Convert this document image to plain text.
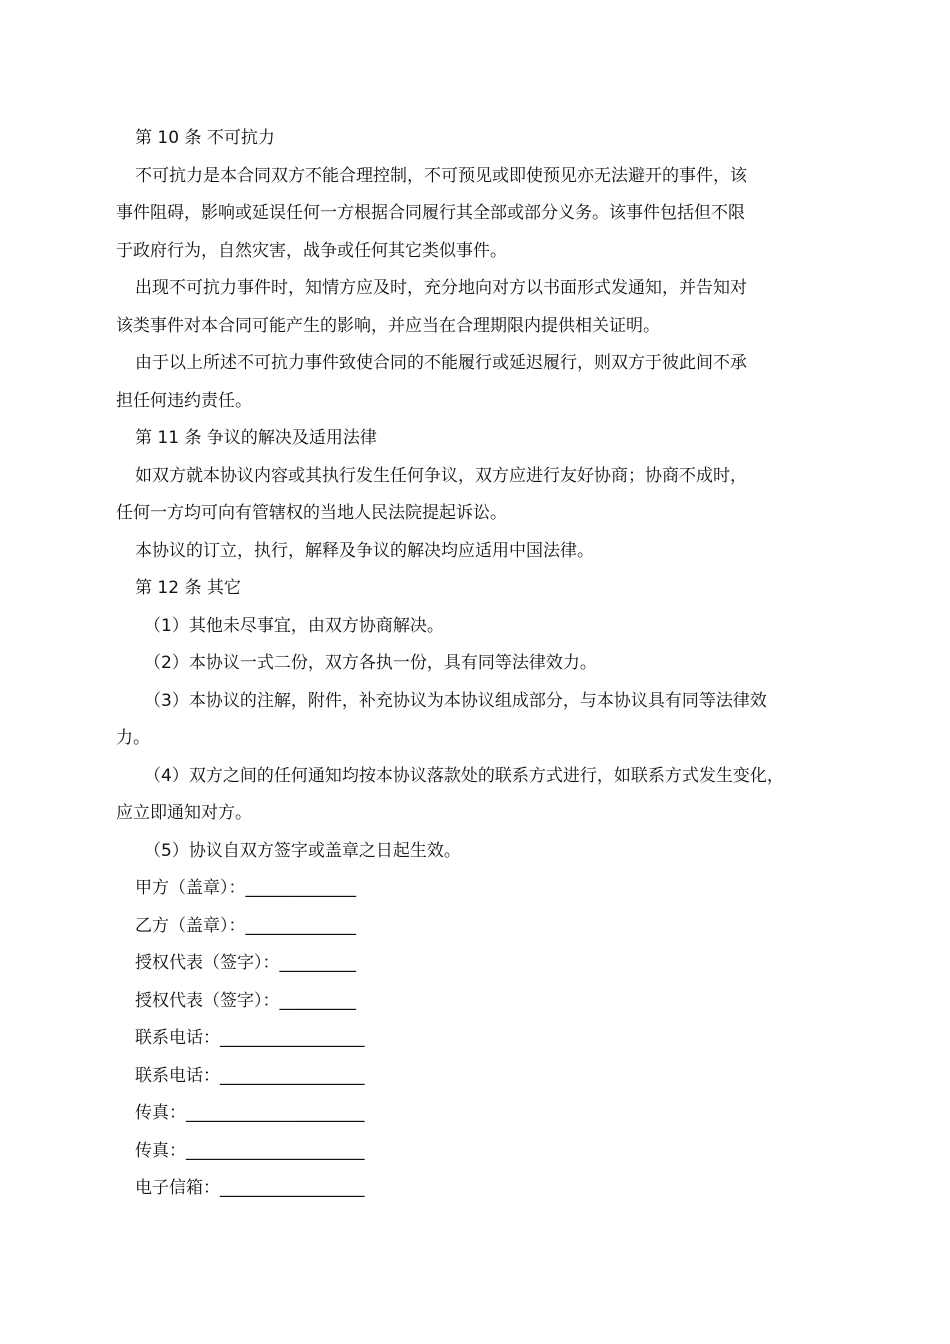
第 10 条 不可抗力
不可抗力是本合同双方不能合理控制，不可预见或即使预见亦无法避开的事件，该
事件阻碍，影响或延误任何一方根据合同履行其全部或部分义务。该事件包括但不限
于政府行为，自然灾害，战争或任何其它类似事件。
出现不可抗力事件时，知情方应及时，充分地向对方以书面形式发通知，并告知对
该类事件对本合同可能产生的影响，并应当在合理期限内提供相关证明。
由于以上所述不可抗力事件致使合同的不能履行或延迟履行，则双方于彼此间不承
担任何违约责任。
第 11 条 争议的解决及适用法律
如双方就本协议内容或其执行发生任何争议，双方应进行友好协商；协商不成时，
任何一方均可向有管辖权的当地人民法院提起诉讼。
本协议的订立，执行，解释及争议的解决均应适用中国法律。
第 12 条 其它
（1）其他未尽事宜，由双方协商解决。
（2）本协议一式二份，双方各执一份，具有同等法律效力。
（3）本协议的注解，附件，补充协议为本协议组成部分，与本协议具有同等法律效
力。
（4）双方之间的任何通知均按本协议落款处的联系方式进行，如联系方式发生变化，
应立即通知对方。
（5）协议自双方签字或盖章之日起生效。
甲方（盖章）：_____________
乙方（盖章）：_____________
授权代表（签字）：_________
授权代表（签字）：_________
联系电话：_________________
联系电话：_________________
传真：_____________________
传真：_____________________
电子信箱：_________________
